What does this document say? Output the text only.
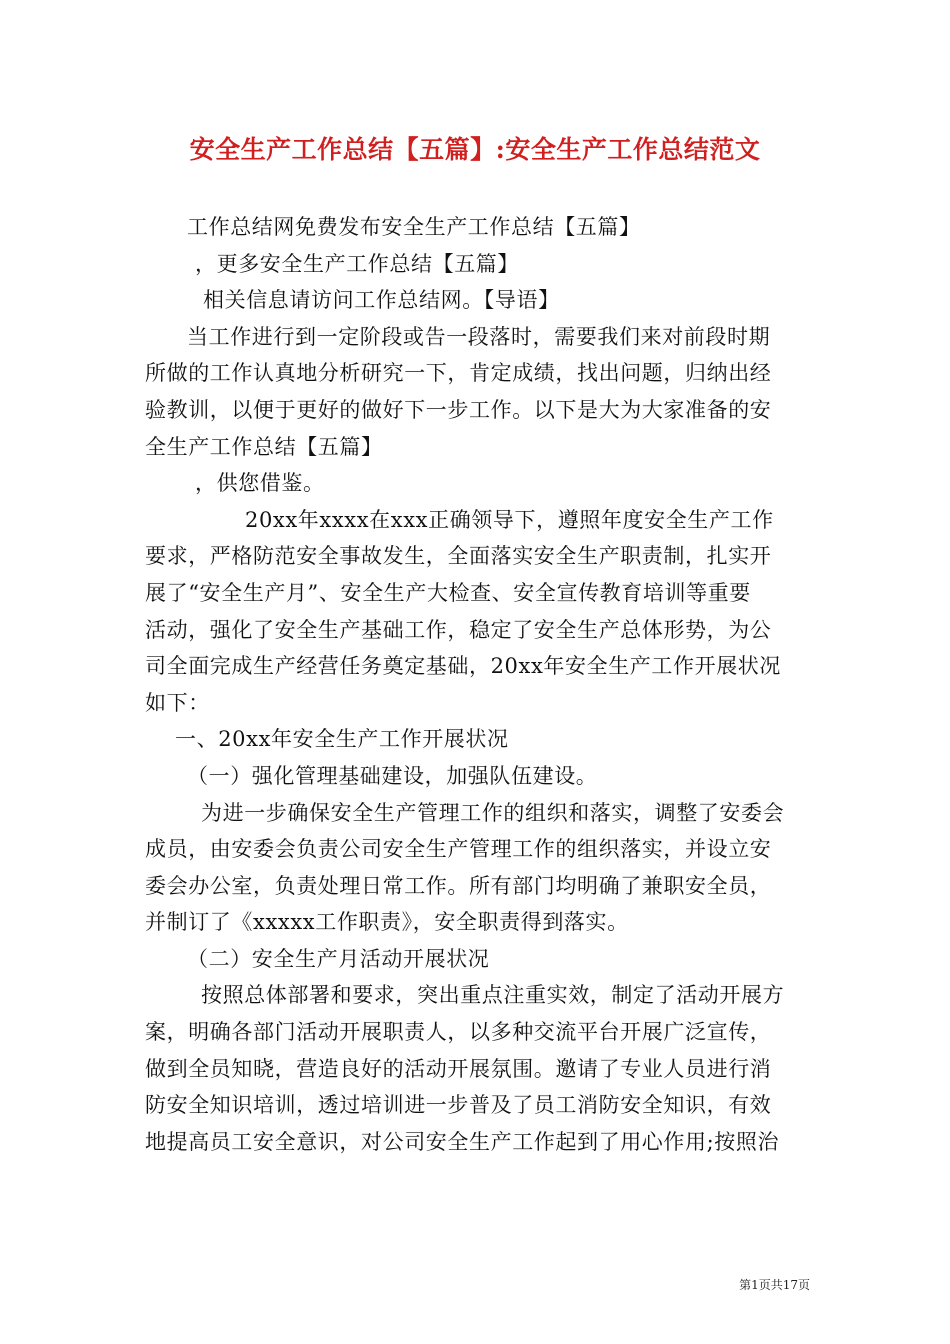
安全生产工作总结【五篇】:安全生产工作总结范文
工作总结网免费发布安全生产工作总结【五篇】
，更多安全生产工作总结【五篇】
相关信息请访问工作总结网。【导语】
当工作进行到一定阶段或告一段落时，需要我们来对前段时期
所做的工作认真地分析研究一下，肯定成绩，找出问题，归纳出经
验教训，以便于更好的做好下一步工作。以下是大为大家准备的安
全生产工作总结【五篇】
，供您借鉴。
20xx年xxxx在xxx正确领导下，遵照年度安全生产工作
要求，严格防范安全事故发生，全面落实安全生产职责制，扎实开
展了“安全生产月”、安全生产大检查、安全宣传教育培训等重要
活动，强化了安全生产基础工作，稳定了安全生产总体形势，为公
司全面完成生产经营任务奠定基础，20xx年安全生产工作开展状况
如下：
一、20xx年安全生产工作开展状况
（一）强化管理基础建设，加强队伍建设。
为进一步确保安全生产管理工作的组织和落实，调整了安委会
成员，由安委会负责公司安全生产管理工作的组织落实，并设立安
委会办公室，负责处理日常工作。所有部门均明确了兼职安全员，
并制订了《xxxxx工作职责》，安全职责得到落实。
（二）安全生产月活动开展状况
按照总体部署和要求，突出重点注重实效，制定了活动开展方
案，明确各部门活动开展职责人，以多种交流平台开展广泛宣传，
做到全员知晓，营造良好的活动开展氛围。邀请了专业人员进行消
防安全知识培训，透过培训进一步普及了员工消防安全知识，有效
地提高员工安全意识，对公司安全生产工作起到了用心作用;按照治
第1页共17页
